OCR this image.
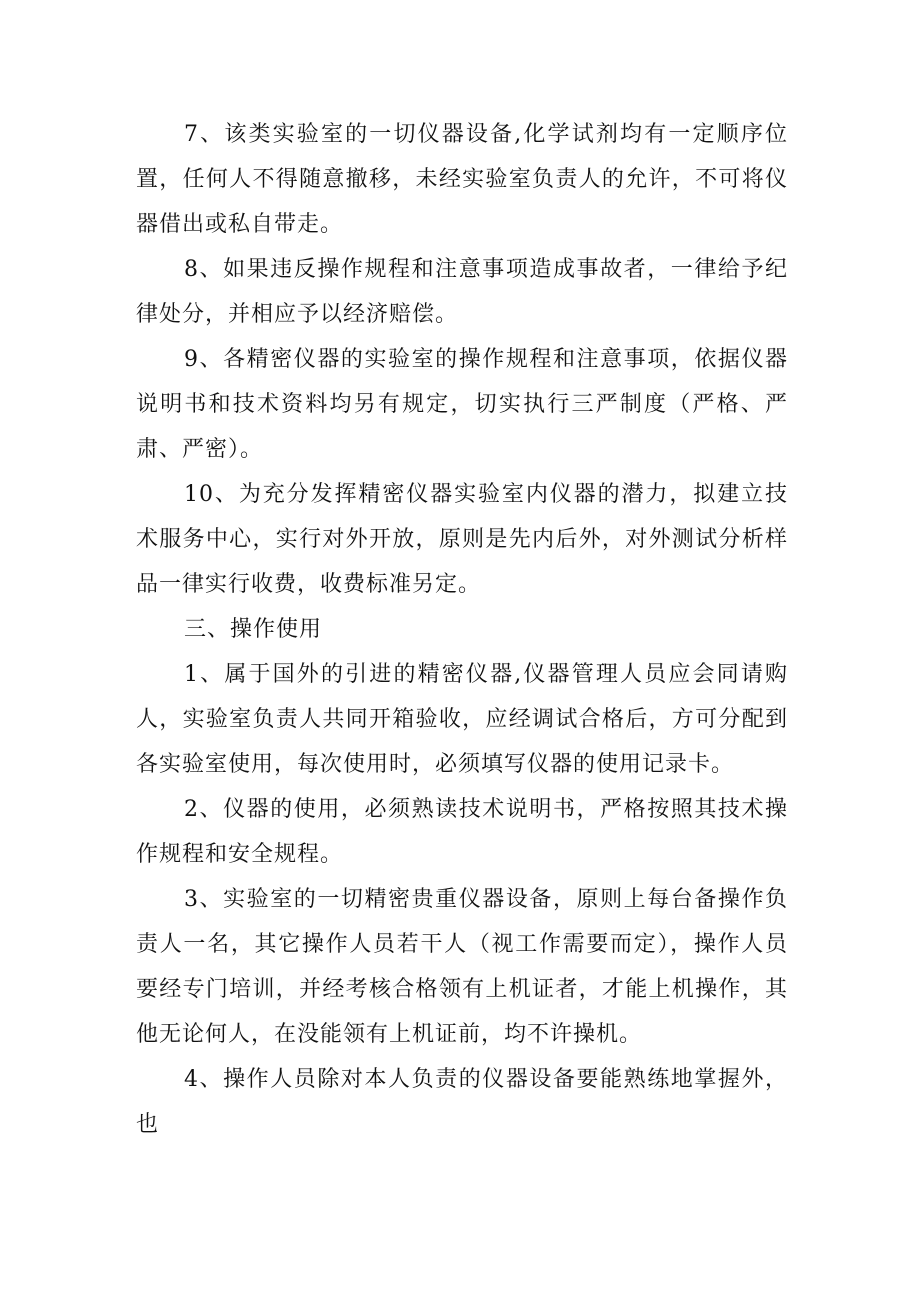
7、该类实验室的一切仪器设备,化学试剂均有一定顺序位置，任何人不得随意撤移，未经实验室负责人的允许，不可将仪器借出或私自带走。

8、如果违反操作规程和注意事项造成事故者，一律给予纪律处分，并相应予以经济赔偿。

9、各精密仪器的实验室的操作规程和注意事项，依据仪器说明书和技术资料均另有规定，切实执行三严制度（严格、严肃、严密）。

10、为充分发挥精密仪器实验室内仪器的潜力，拟建立技术服务中心，实行对外开放，原则是先内后外，对外测试分析样品一律实行收费，收费标准另定。

三、操作使用

1、属于国外的引进的精密仪器,仪器管理人员应会同请购人，实验室负责人共同开箱验收，应经调试合格后，方可分配到各实验室使用，每次使用时，必须填写仪器的使用记录卡。

2、仪器的使用，必须熟读技术说明书，严格按照其技术操作规程和安全规程。

3、实验室的一切精密贵重仪器设备，原则上每台备操作负责人一名，其它操作人员若干人（视工作需要而定），操作人员要经专门培训，并经考核合格领有上机证者，才能上机操作，其他无论何人，在没能领有上机证前，均不许操机。

4、操作人员除对本人负责的仪器设备要能熟练地掌握外，也
